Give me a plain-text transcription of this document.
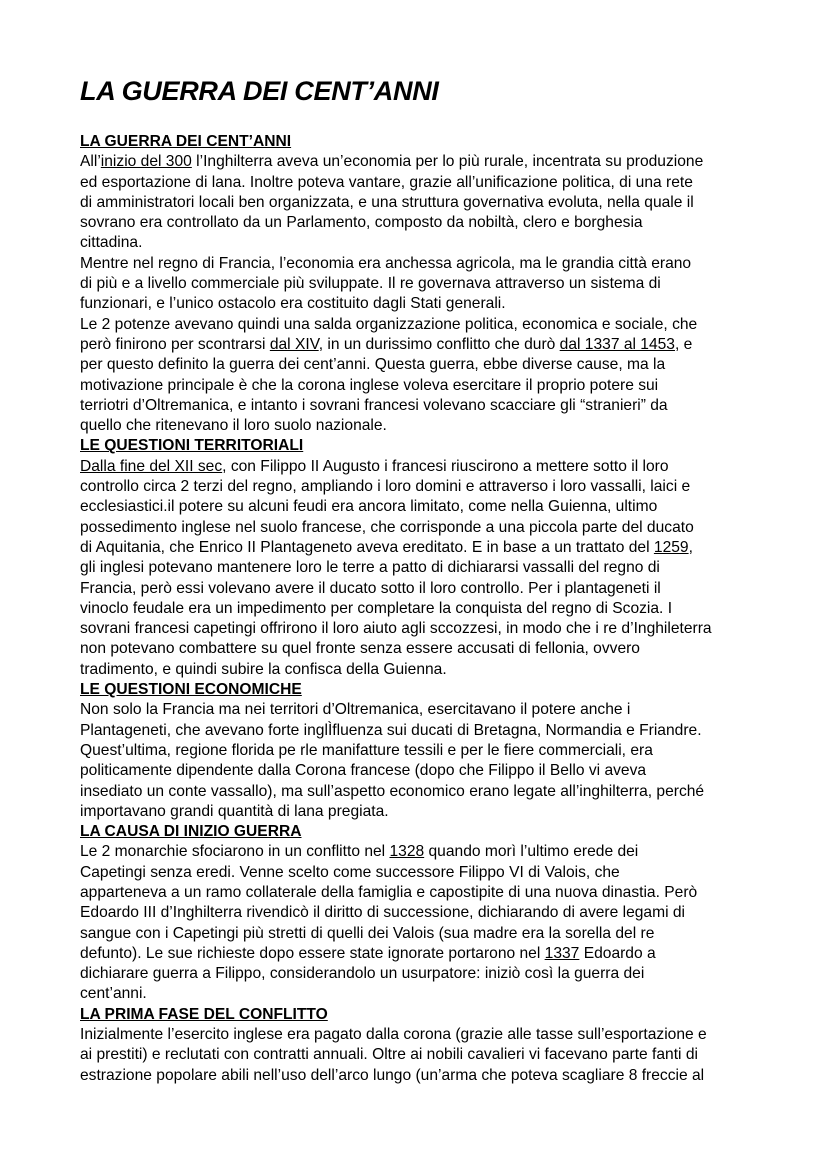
LA GUERRA DEI CENT’ANNI

LA GUERRA DEI CENT’ANNI

All’inizio del 300 l’Inghilterra aveva un’economia per lo più rurale, incentrata su produzione

ed esportazione di lana. Inoltre poteva vantare, grazie all’unificazione politica, di una rete

di amministratori locali ben organizzata, e una struttura governativa evoluta, nella quale il

sovrano era controllato da un Parlamento, composto da nobiltà, clero e borghesia

cittadina.

Mentre nel regno di Francia, l’economia era anchessa agricola, ma le grandia città erano

di più e a livello commerciale più sviluppate. Il re governava attraverso un sistema di

funzionari, e l’unico ostacolo era costituito dagli Stati generali.

Le 2 potenze avevano quindi una salda organizzazione politica, economica e sociale, che

però finirono per scontrarsi dal XIV, in un durissimo conflitto che durò dal 1337 al 1453, e

per questo definito la guerra dei cent’anni. Questa guerra, ebbe diverse cause, ma la

motivazione principale è che la corona inglese voleva esercitare il proprio potere sui

terriotri d’Oltremanica, e intanto i sovrani francesi volevano scacciare gli “stranieri” da

quello che ritenevano il loro suolo nazionale.

LE QUESTIONI TERRITORIALI

Dalla fine del XII sec, con Filippo II Augusto i francesi riuscirono a mettere sotto il loro

controllo circa 2 terzi del regno, ampliando i loro domini e attraverso i loro vassalli, laici e

ecclesiastici.il potere su alcuni feudi era ancora limitato, come nella Guienna, ultimo

possedimento inglese nel suolo francese, che corrisponde a una piccola parte del ducato

di Aquitania, che Enrico II Plantageneto aveva ereditato. E in base a un trattato del 1259,

gli inglesi potevano mantenere loro le terre a patto di dichiararsi vassalli del regno di

Francia, però essi volevano avere il ducato sotto il loro controllo. Per i plantageneti il

vinoclo feudale era un impedimento per completare la conquista del regno di Scozia. I

sovrani francesi capetingi offrirono il loro aiuto agli sccozzesi, in modo che i re d’Inghileterra

non potevano combattere su quel fronte senza essere accusati di fellonia, ovvero

tradimento, e quindi subire la confisca della Guienna.

LE QUESTIONI ECONOMICHE

Non solo la Francia ma nei territori d’Oltremanica, esercitavano il potere anche i

Plantageneti, che avevano forte inglÌfluenza sui ducati di Bretagna, Normandia e Friandre.

Quest’ultima, regione florida pe rle manifatture tessili e per le fiere commerciali, era

politicamente dipendente dalla Corona francese (dopo che Filippo il Bello vi aveva

insediato un conte vassallo), ma sull’aspetto economico erano legate all’inghilterra, perché

importavano grandi quantità di lana pregiata.

LA CAUSA DI INIZIO GUERRA

Le 2 monarchie sfociarono in un conflitto nel 1328 quando morì l’ultimo erede dei

Capetingi senza eredi. Venne scelto come successore Filippo VI di Valois, che

apparteneva a un ramo collaterale della famiglia e capostipite di una nuova dinastia. Però

Edoardo III d’Inghilterra rivendicò il diritto di successione, dichiarando di avere legami di

sangue con i Capetingi più stretti di quelli dei Valois (sua madre era la sorella del re

defunto). Le sue richieste dopo essere state ignorate portarono nel 1337 Edoardo a

dichiarare guerra a Filippo, considerandolo un usurpatore: iniziò così la guerra dei

cent’anni.

LA PRIMA FASE DEL CONFLITTO

Inizialmente l’esercito inglese era pagato dalla corona (grazie alle tasse sull’esportazione e

ai prestiti) e reclutati con contratti annuali. Oltre ai nobili cavalieri vi facevano parte fanti di

estrazione popolare abili nell’uso dell’arco lungo (un’arma che poteva scagliare 8 freccie al
